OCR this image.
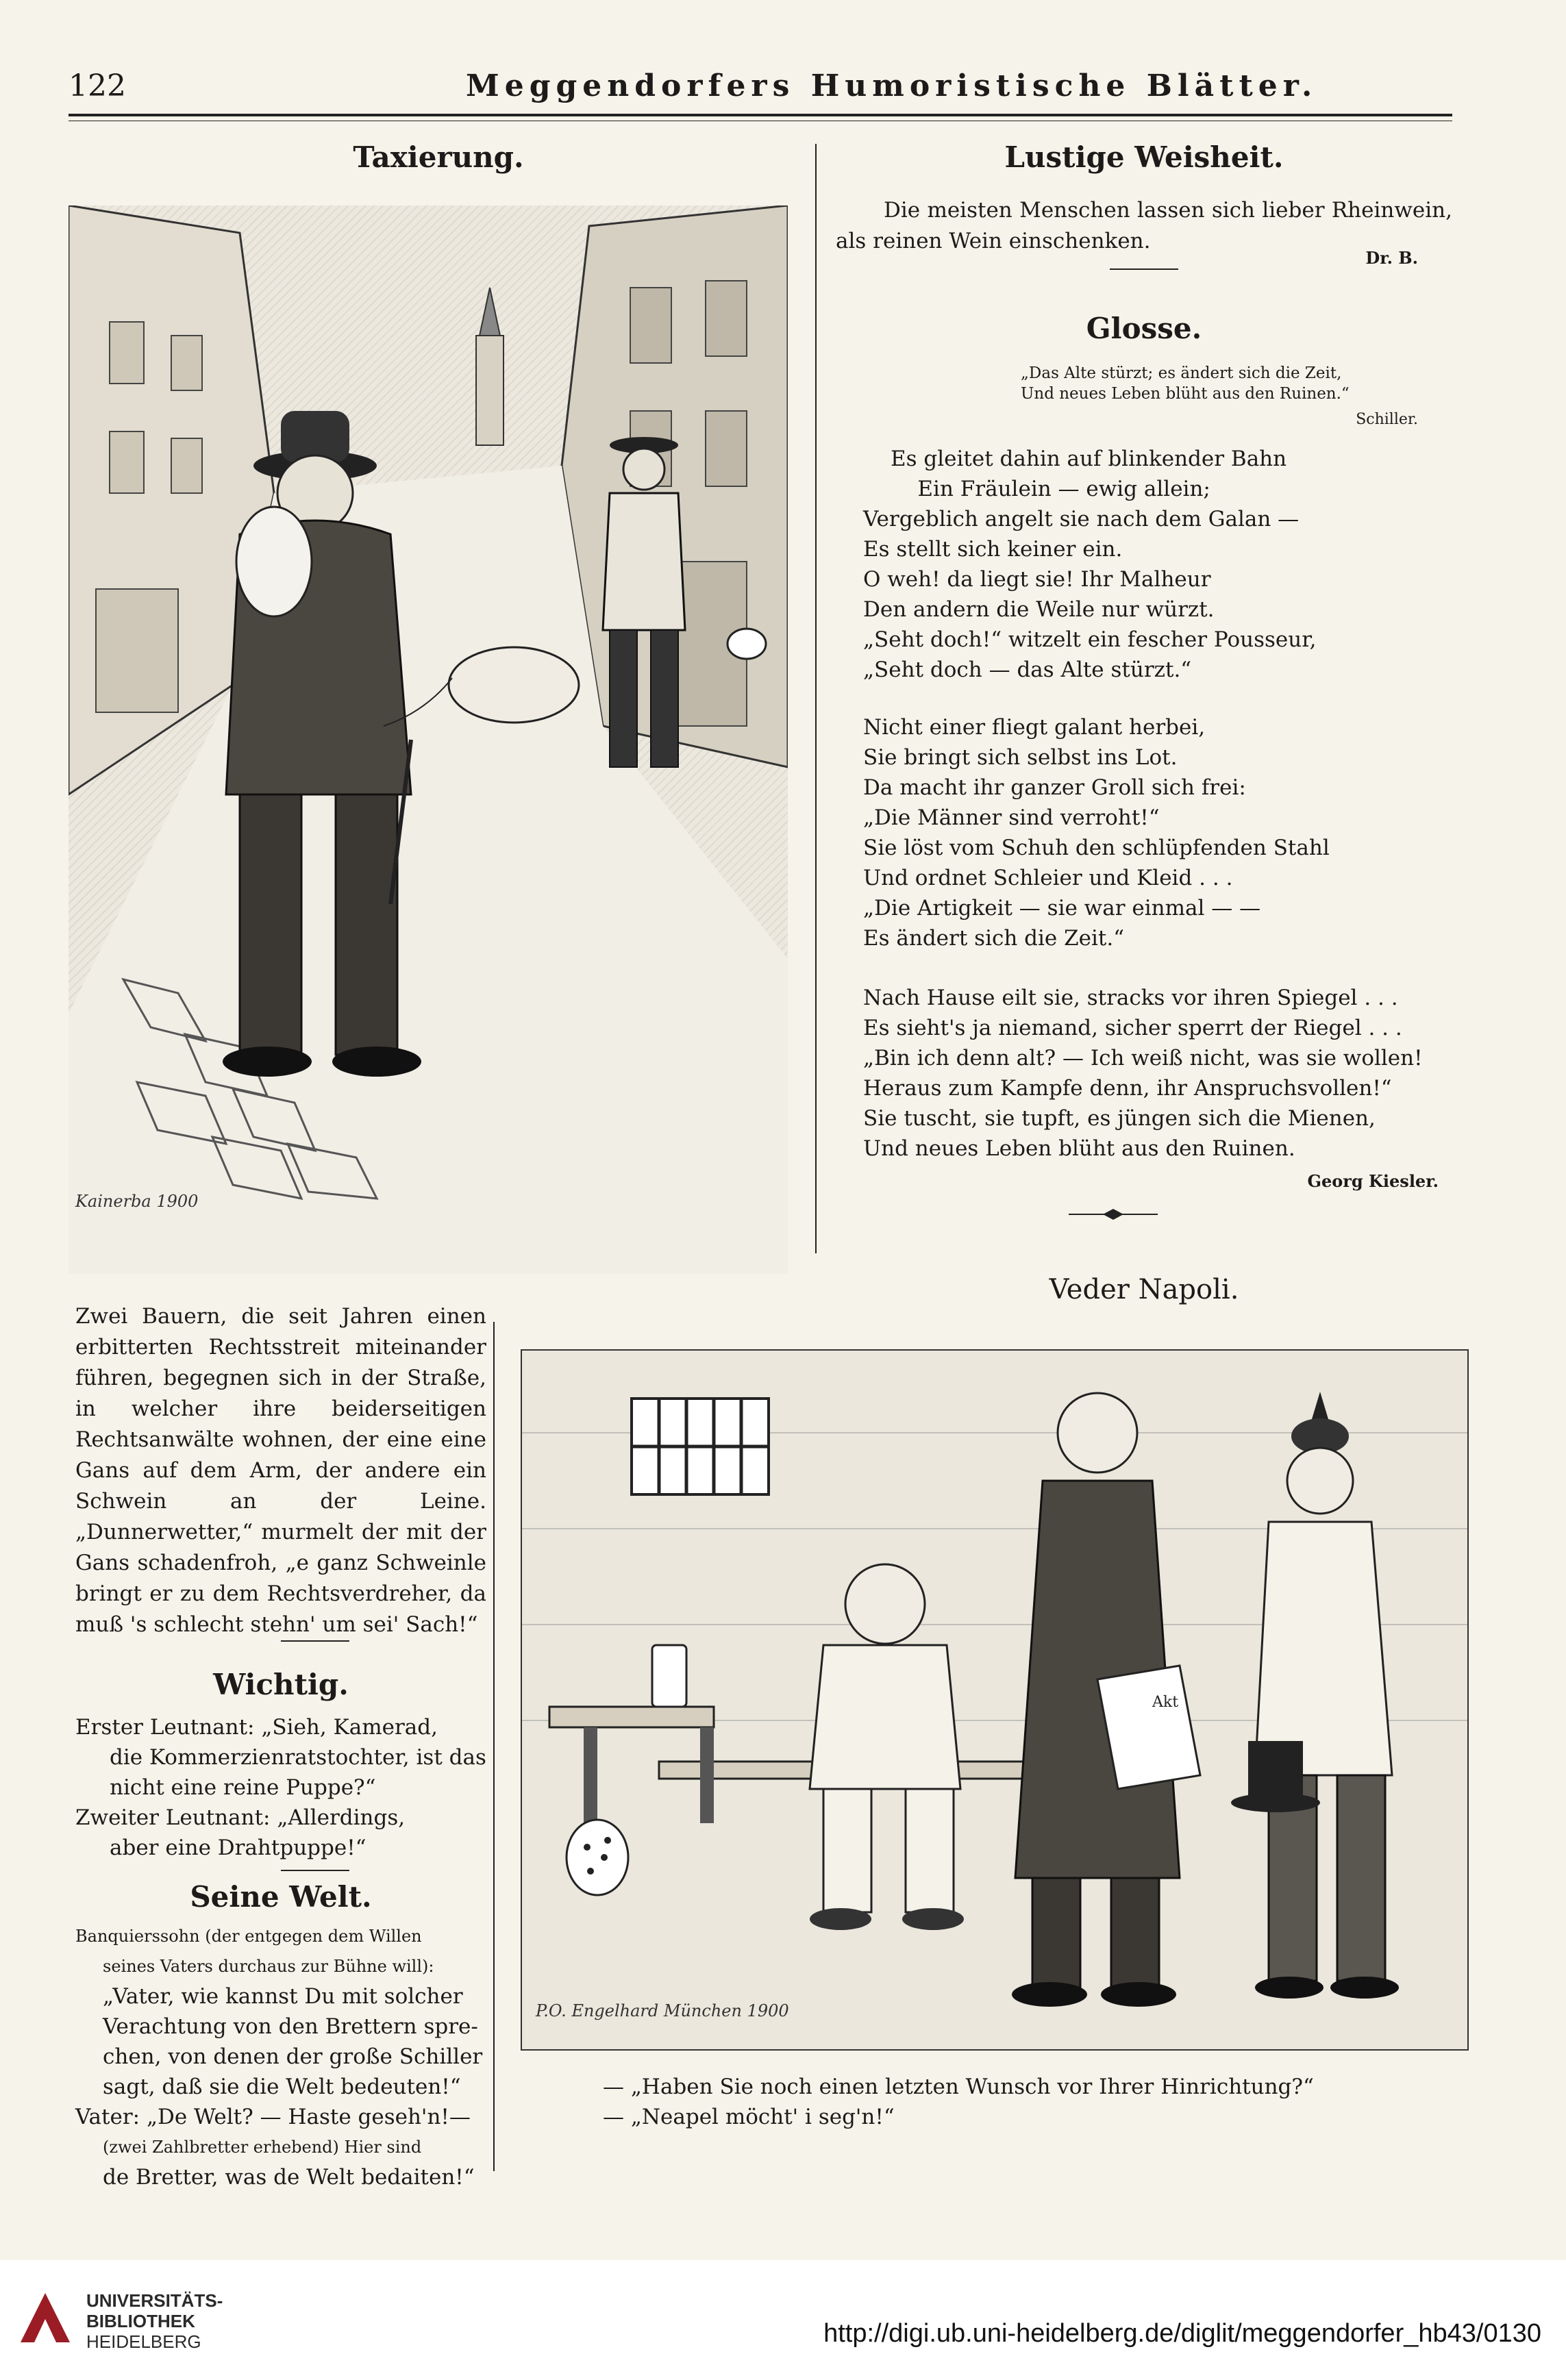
122	Meggendorfers Humoristische Blätter.
Taxierung.
Kainerba 1900
Zwei Bauern, die seit Jahren einen erbitterten Rechtsstreit miteinander führen, begegnen sich in der Straße, in welcher ihre beiderseitigen Rechtsanwälte wohnen, der eine eine Gans auf dem Arm, der andere ein Schwein an der Leine. „Dunnerwetter,“ murmelt der mit der Gans schadenfroh, „e ganz Schweinle bringt er zu dem Rechtsverdreher, da muß 's schlecht stehn' um sei' Sach!“
Wichtig.

Erster Leutnant: „Sieh, Kamerad,

die Kommerzienratstochter, ist das

nicht eine reine Puppe?“

Zweiter Leutnant: „Allerdings,

aber eine Drahtpuppe!“

Seine Welt.

Banquierssohn (der entgegen dem Willen

seines Vaters durchaus zur Bühne will):

„Vater, wie kannst Du mit solcher

Verachtung von den Brettern spre-

chen, von denen der große Schiller

sagt, daß sie die Welt bedeuten!“

Vater: „De Welt? — Haste geseh'n!—

(zwei Zahlbretter erhebend) Hier sind

de Bretter, was de Welt bedaiten!“

Lustige Weisheit.
Die meisten Menschen lassen sich lieber Rheinwein, als reinen Wein einschenken.
Dr. B.
Glosse.
„Das Alte stürzt; es ändert sich die Zeit,
Und neues Leben blüht aus den Ruinen.“
Schiller.

Es gleitet dahin auf blinkender Bahn

Ein Fräulein — ewig allein;

Vergeblich angelt sie nach dem Galan —

Es stellt sich keiner ein.

O weh! da liegt sie! Ihr Malheur

Den andern die Weile nur würzt.

„Seht doch!“ witzelt ein fescher Pousseur,

„Seht doch — das Alte stürzt.“

Nicht einer fliegt galant herbei,

Sie bringt sich selbst ins Lot.

Da macht ihr ganzer Groll sich frei:

„Die Männer sind verroht!“

Sie löst vom Schuh den schlüpfenden Stahl

Und ordnet Schleier und Kleid . . .

„Die Artigkeit — sie war einmal — —

Es ändert sich die Zeit.“

Nach Hause eilt sie, stracks vor ihren Spiegel . . .

Es sieht's ja niemand, sicher sperrt der Riegel . . .

„Bin ich denn alt? — Ich weiß nicht, was sie wollen!

Heraus zum Kampfe denn, ihr Anspruchsvollen!“

Sie tuscht, sie tupft, es jüngen sich die Mienen,

Und neues Leben blüht aus den Ruinen.

Georg Kiesler.
Veder Napoli.
Akt
P.O. Engelhard München 1900

— „Haben Sie noch einen letzten Wunsch vor Ihrer Hinrichtung?“

— „Neapel möcht' i seg'n!“

UNIVERSITÄTS-
BIBLIOTHEK
HEIDELBERG	http://digi.ub.uni-heidelberg.de/diglit/meggendorfer_hb43/0130
